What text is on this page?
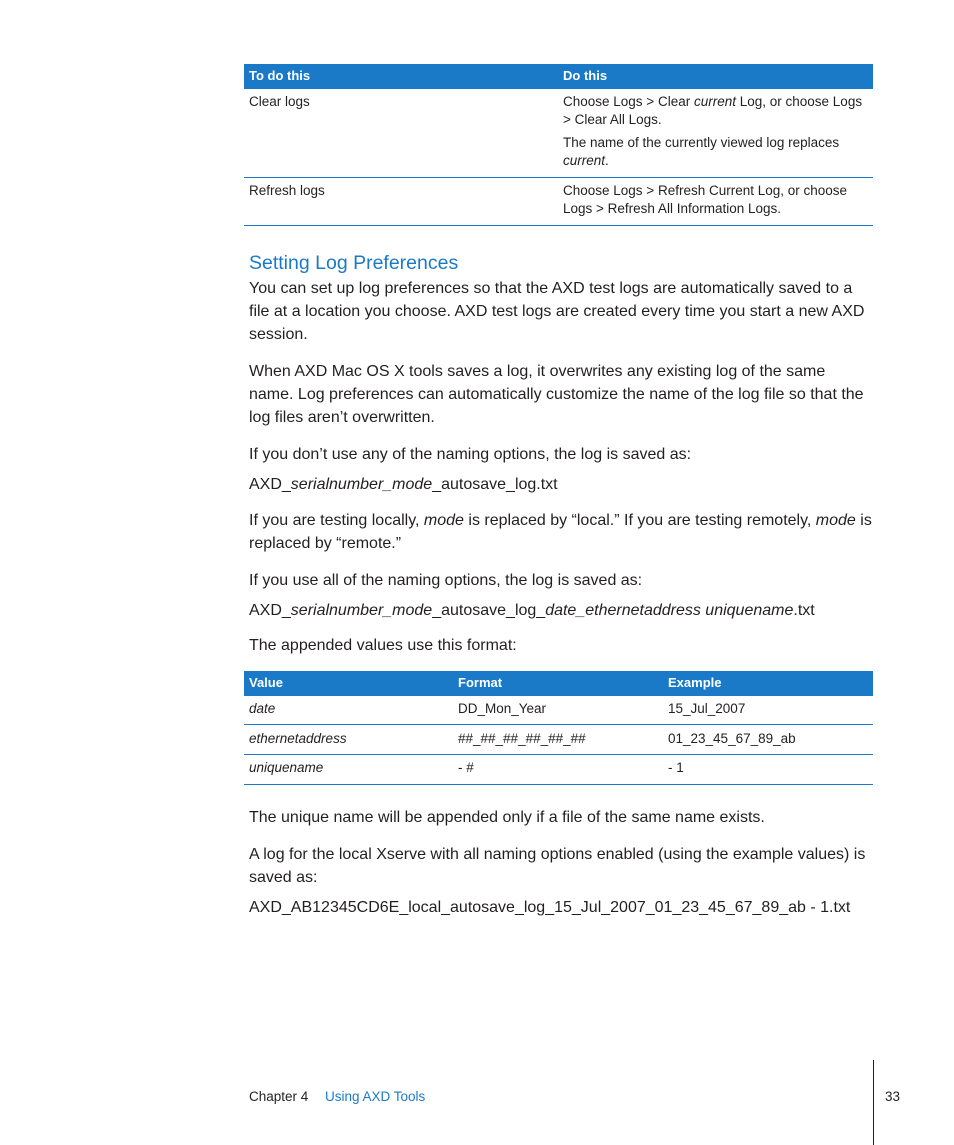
To do this	Do this
Clear logs	Choose Logs > Clear current Log, or choose Logs
> Clear All Logs.
The name of the currently viewed log replaces
current.
Refresh logs	Choose Logs > Refresh Current Log, or choose
Logs > Refresh All Information Logs.
Setting Log Preferences
You can set up log preferences so that the AXD test logs are automatically saved to a file at a location you choose. AXD test logs are created every time you start a new AXD session.
When AXD Mac OS X tools saves a log, it overwrites any existing log of the same name. Log preferences can automatically customize the name of the log file so that the log files aren’t overwritten.
If you don’t use any of the naming options, the log is saved as:
AXD_serialnumber_mode_autosave_log.txt
If you are testing locally, mode is replaced by “local.” If you are testing remotely, mode is replaced by “remote.”
If you use all of the naming options, the log is saved as:
AXD_serialnumber_mode_autosave_log_date_ethernetaddress uniquename.txt
The appended values use this format:
Value	Format	Example
date	DD_Mon_Year	15_Jul_2007
ethernetaddress	##_##_##_##_##_##	01_23_45_67_89_ab
uniquename	- #	- 1
The unique name will be appended only if a file of the same name exists.
A log for the local Xserve with all naming options enabled (using the example values) is saved as:
AXD_AB12345CD6E_local_autosave_log_15_Jul_2007_01_23_45_67_89_ab - 1.txt
Chapter 4 Using AXD Tools	33
